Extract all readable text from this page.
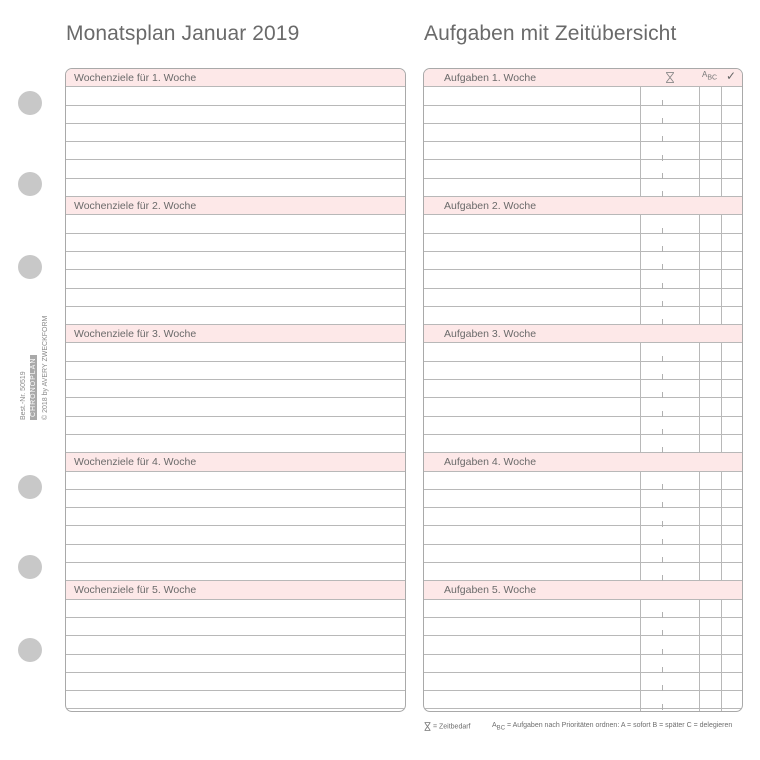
Best.-Nr. 50519 CHRONOPLAN © 2018 by AVERY ZWECKFORM
Monatsplan Januar 2019	Aufgaben mit Zeitübersicht
Wochenziele für 1. Woche
Wochenziele für 2. Woche
Wochenziele für 3. Woche
Wochenziele für 4. Woche
Wochenziele für 5. Woche
Aufgaben 1. Woche
Aufgaben 2. Woche
Aufgaben 3. Woche
Aufgaben 4. Woche
Aufgaben 5. Woche
$A_{BC}$ ✓
= Zeitbedarf	$A_{BC}$ = Aufgaben nach Prioritäten ordnen: A = sofort B = später C = delegieren
